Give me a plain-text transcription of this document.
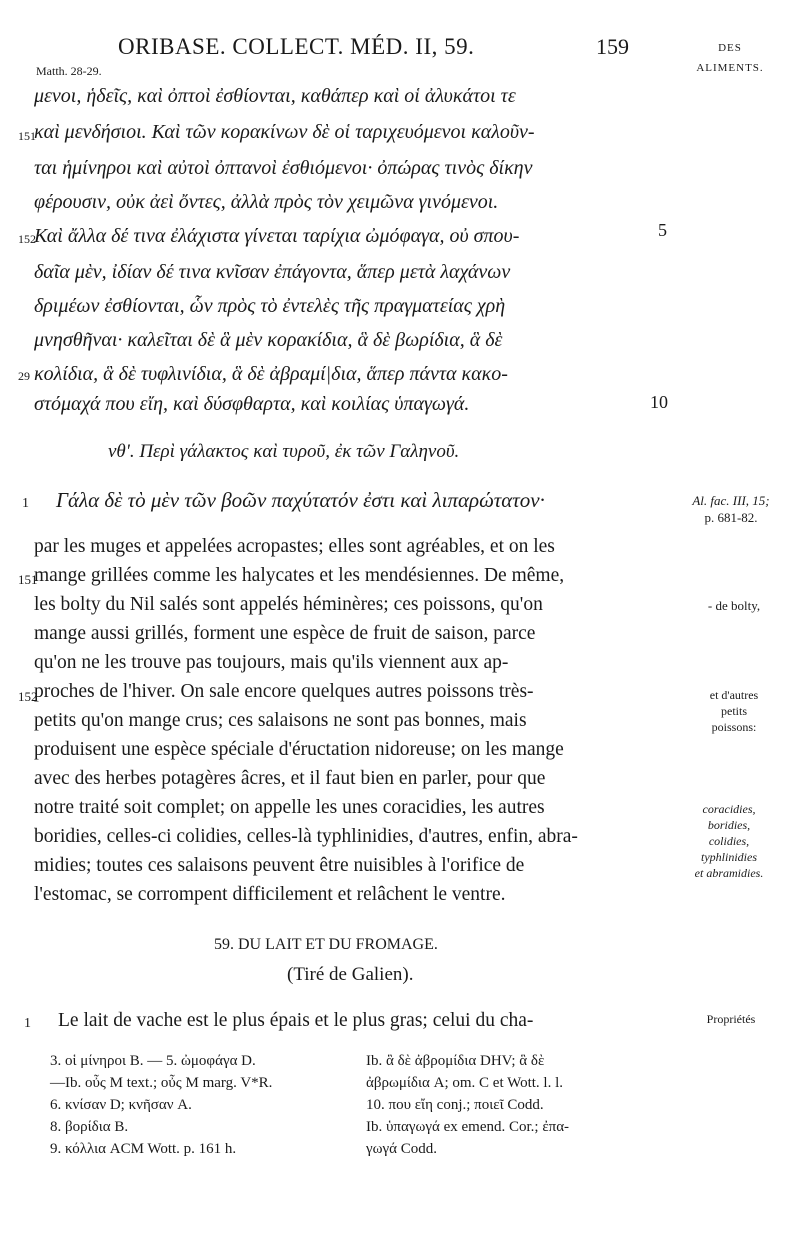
ORIBASE. COLLECT. MÉD. II, 59.	159
Matth. 28-29.
DES ALIMENTS.
151
152
29
μενοι, ἡδεῖς, καὶ ὀπτοὶ ἐσθίονται, καθάπερ καὶ οἱ ἀλυκάτοι τε
καὶ μενδήσιοι. Καὶ τῶν κορακίνων δὲ οἱ ταριχευόμενοι καλοῦν-
ται ἡμίνηροι καὶ αὐτοὶ ὀπτανοὶ ἐσθιόμενοι· ὀπώρας τινὸς δίκην
φέρουσιν, οὐκ ἀεὶ ὄντες, ἀλλὰ πρὸς τὸν χειμῶνα γινόμενοι.
Καὶ ἄλλα δέ τινα ἐλάχιστα γίνεται ταρίχια ὠμόφαγα, οὐ σπου-
δαῖα μὲν, ἰδίαν δέ τινα κνῖσαν ἐπάγοντα, ἅπερ μετὰ λαχάνων
δριμέων ἐσθίονται, ὧν πρὸς τὸ ἐντελὲς τῆς πραγματείας χρὴ
μνησθῆναι· καλεῖται δὲ ἃ μὲν κορακίδια, ἃ δὲ βωρίδια, ἃ δὲ
κολίδια, ἃ δὲ τυφλινίδια, ἃ δὲ ἀβραμί|δια, ἅπερ πάντα κακο-
στόμαχά που εἴη, καὶ δύσφθαρτα, καὶ κοιλίας ὑπαγωγά.
5
10
νθʹ. Περὶ γάλακτος καὶ τυροῦ, ἐκ τῶν Γαληνοῦ.
1 Γάλα δὲ τὸ μὲν τῶν βοῶν παχύτατόν ἐστι καὶ λιπαρώτατον·	Al. fac. III, 15;
p. 681-82.
151
152
par les muges et appelées acropastes; elles sont agréables, et on les
mange grillées comme les halycates et les mendésiennes. De même,
les bolty du Nil salés sont appelés héminères; ces poissons, qu'on
mange aussi grillés, forment une espèce de fruit de saison, parce
qu'on ne les trouve pas toujours, mais qu'ils viennent aux ap-
proches de l'hiver. On sale encore quelques autres poissons très-
petits qu'on mange crus; ces salaisons ne sont pas bonnes, mais
produisent une espèce spéciale d'éructation nidoreuse; on les mange
avec des herbes potagères âcres, et il faut bien en parler, pour que
notre traité soit complet; on appelle les unes coracidies, les autres
boridies, celles-ci colidies, celles-là typhlinidies, d'autres, enfin, abra-
midies; toutes ces salaisons peuvent être nuisibles à l'orifice de
l'estomac, se corrompent difficilement et relâchent le ventre.
- de bolty,
et d'autres
petits
poissons:
coracidies,
boridies,
colidies,
typhlinidies
et abramidies.
Propriétés
59. DU LAIT ET DU FROMAGE.
(Tiré de Galien).
1 Le lait de vache est le plus épais et le plus gras; celui du cha-
3. οἱ μίνηροι B. — 5. ὠμοφάγα D.
—Ib. οὖς M text.; οὖς M marg. V*R.
6. κνίσαν D; κνῆσαν A.
8. βορίδια B.
9. κόλλια ACM Wott. p. 161 h.
Ib. ἃ δὲ ἀβρομίδια DHV; ἃ δὲ
ἀβρωμίδια A; om. C et Wott. l. l.
10. που εἴη conj.; ποιεῖ Codd.
Ib. ὑπαγωγά ex emend. Cor.; ἐπα-
γωγά Codd.
